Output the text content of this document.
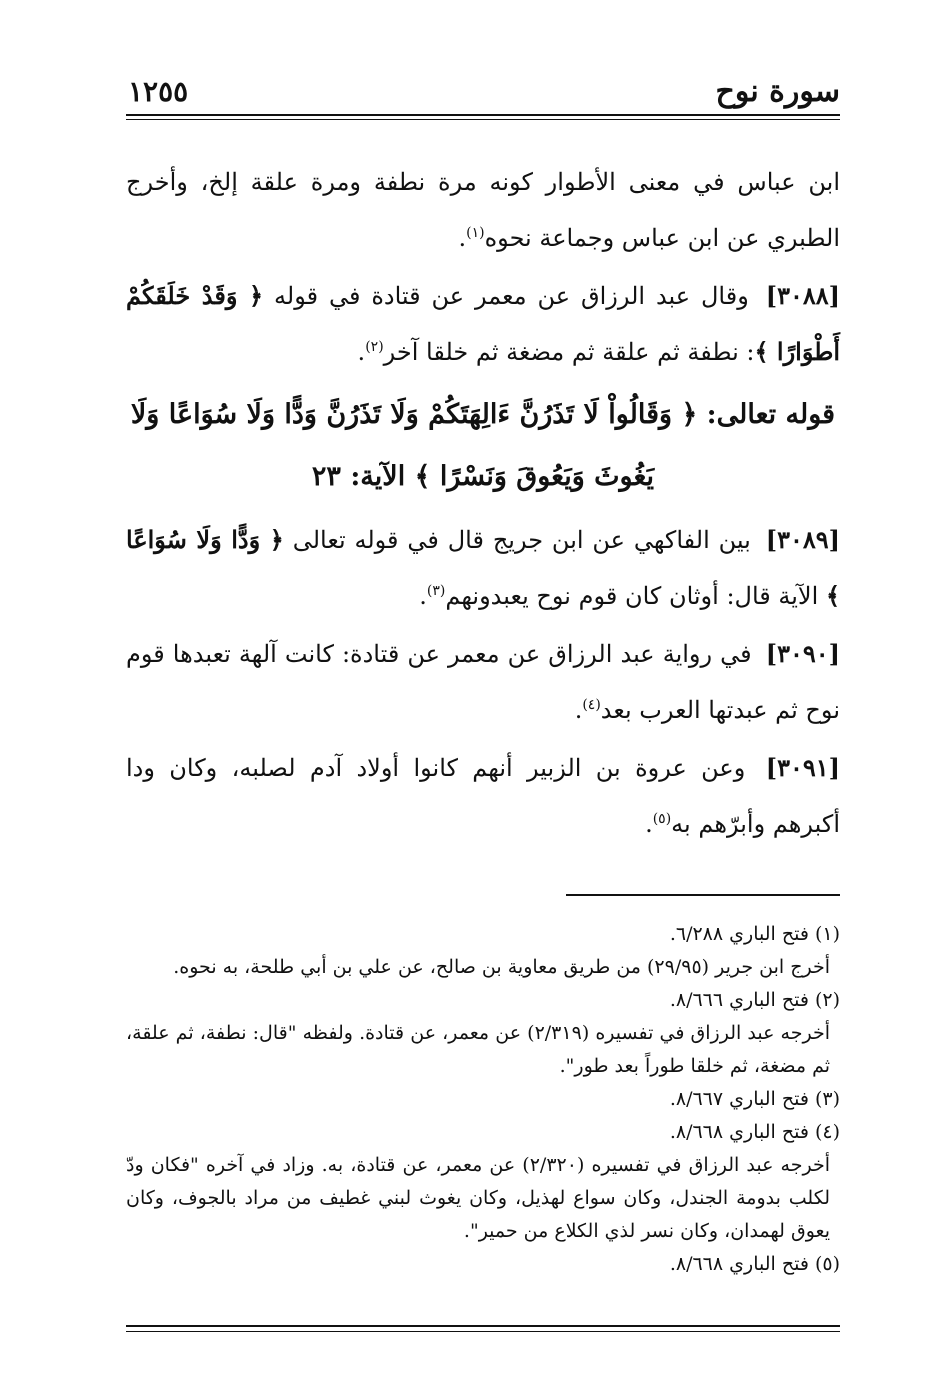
سورة نوح
١٢٥٥

ابن عباس في معنى الأطوار كونه مرة نطفة ومرة علقة إلخ، وأخرج الطبري عن ابن عباس وجماعة نحوه$^{(١)}$.

[٣٠٨٨] وقال عبد الرزاق عن معمر عن قتادة في قوله ﴿ وَقَدْ خَلَقَكُمْ أَطْوَارًا ﴾: نطفة ثم علقة ثم مضغة ثم خلقا آخر$^{(٢)}$.

قوله تعالى: ﴿ وَقَالُواْ لَا تَذَرُنَّ ءَالِهَتَكُمْ وَلَا تَذَرُنَّ وَدًّا وَلَا سُوَاعًا وَلَا يَغُوثَ وَيَعُوقَ وَنَسْرًا ﴾ الآية: ٢٣

[٣٠٨٩] بين الفاكهي عن ابن جريج قال في قوله تعالى ﴿ وَدًّا وَلَا سُوَاعًا ﴾ الآية قال: أوثان كان قوم نوح يعبدونهم$^{(٣)}$.

[٣٠٩٠] في رواية عبد الرزاق عن معمر عن قتادة: كانت آلهة تعبدها قوم نوح ثم عبدتها العرب بعد$^{(٤)}$.

[٣٠٩١] وعن عروة بن الزبير أنهم كانوا أولاد آدم لصلبه، وكان ودا أكبرهم وأبرّهم به$^{(٥)}$.

(١) فتح الباري ٦/٢٨٨.

أخرج ابن جرير (٢٩/٩٥) من طريق معاوية بن صالح، عن علي بن أبي طلحة، به نحوه.

(٢) فتح الباري ٨/٦٦٦.

أخرجه عبد الرزاق في تفسيره (٢/٣١٩) عن معمر، عن قتادة. ولفظه "قال: نطفة، ثم علقة، ثم مضغة، ثم خلقا طوراً بعد طور".

(٣) فتح الباري ٨/٦٦٧.

(٤) فتح الباري ٨/٦٦٨.

أخرجه عبد الرزاق في تفسيره (٢/٣٢٠) عن معمر، عن قتادة، به. وزاد في آخره "فكان ودّ لكلب بدومة الجندل، وكان سواع لهذيل، وكان يغوث لبني غطيف من مراد بالجوف، وكان يعوق لهمدان، وكان نسر لذي الكلاع من حمير".

(٥) فتح الباري ٨/٦٦٨.
